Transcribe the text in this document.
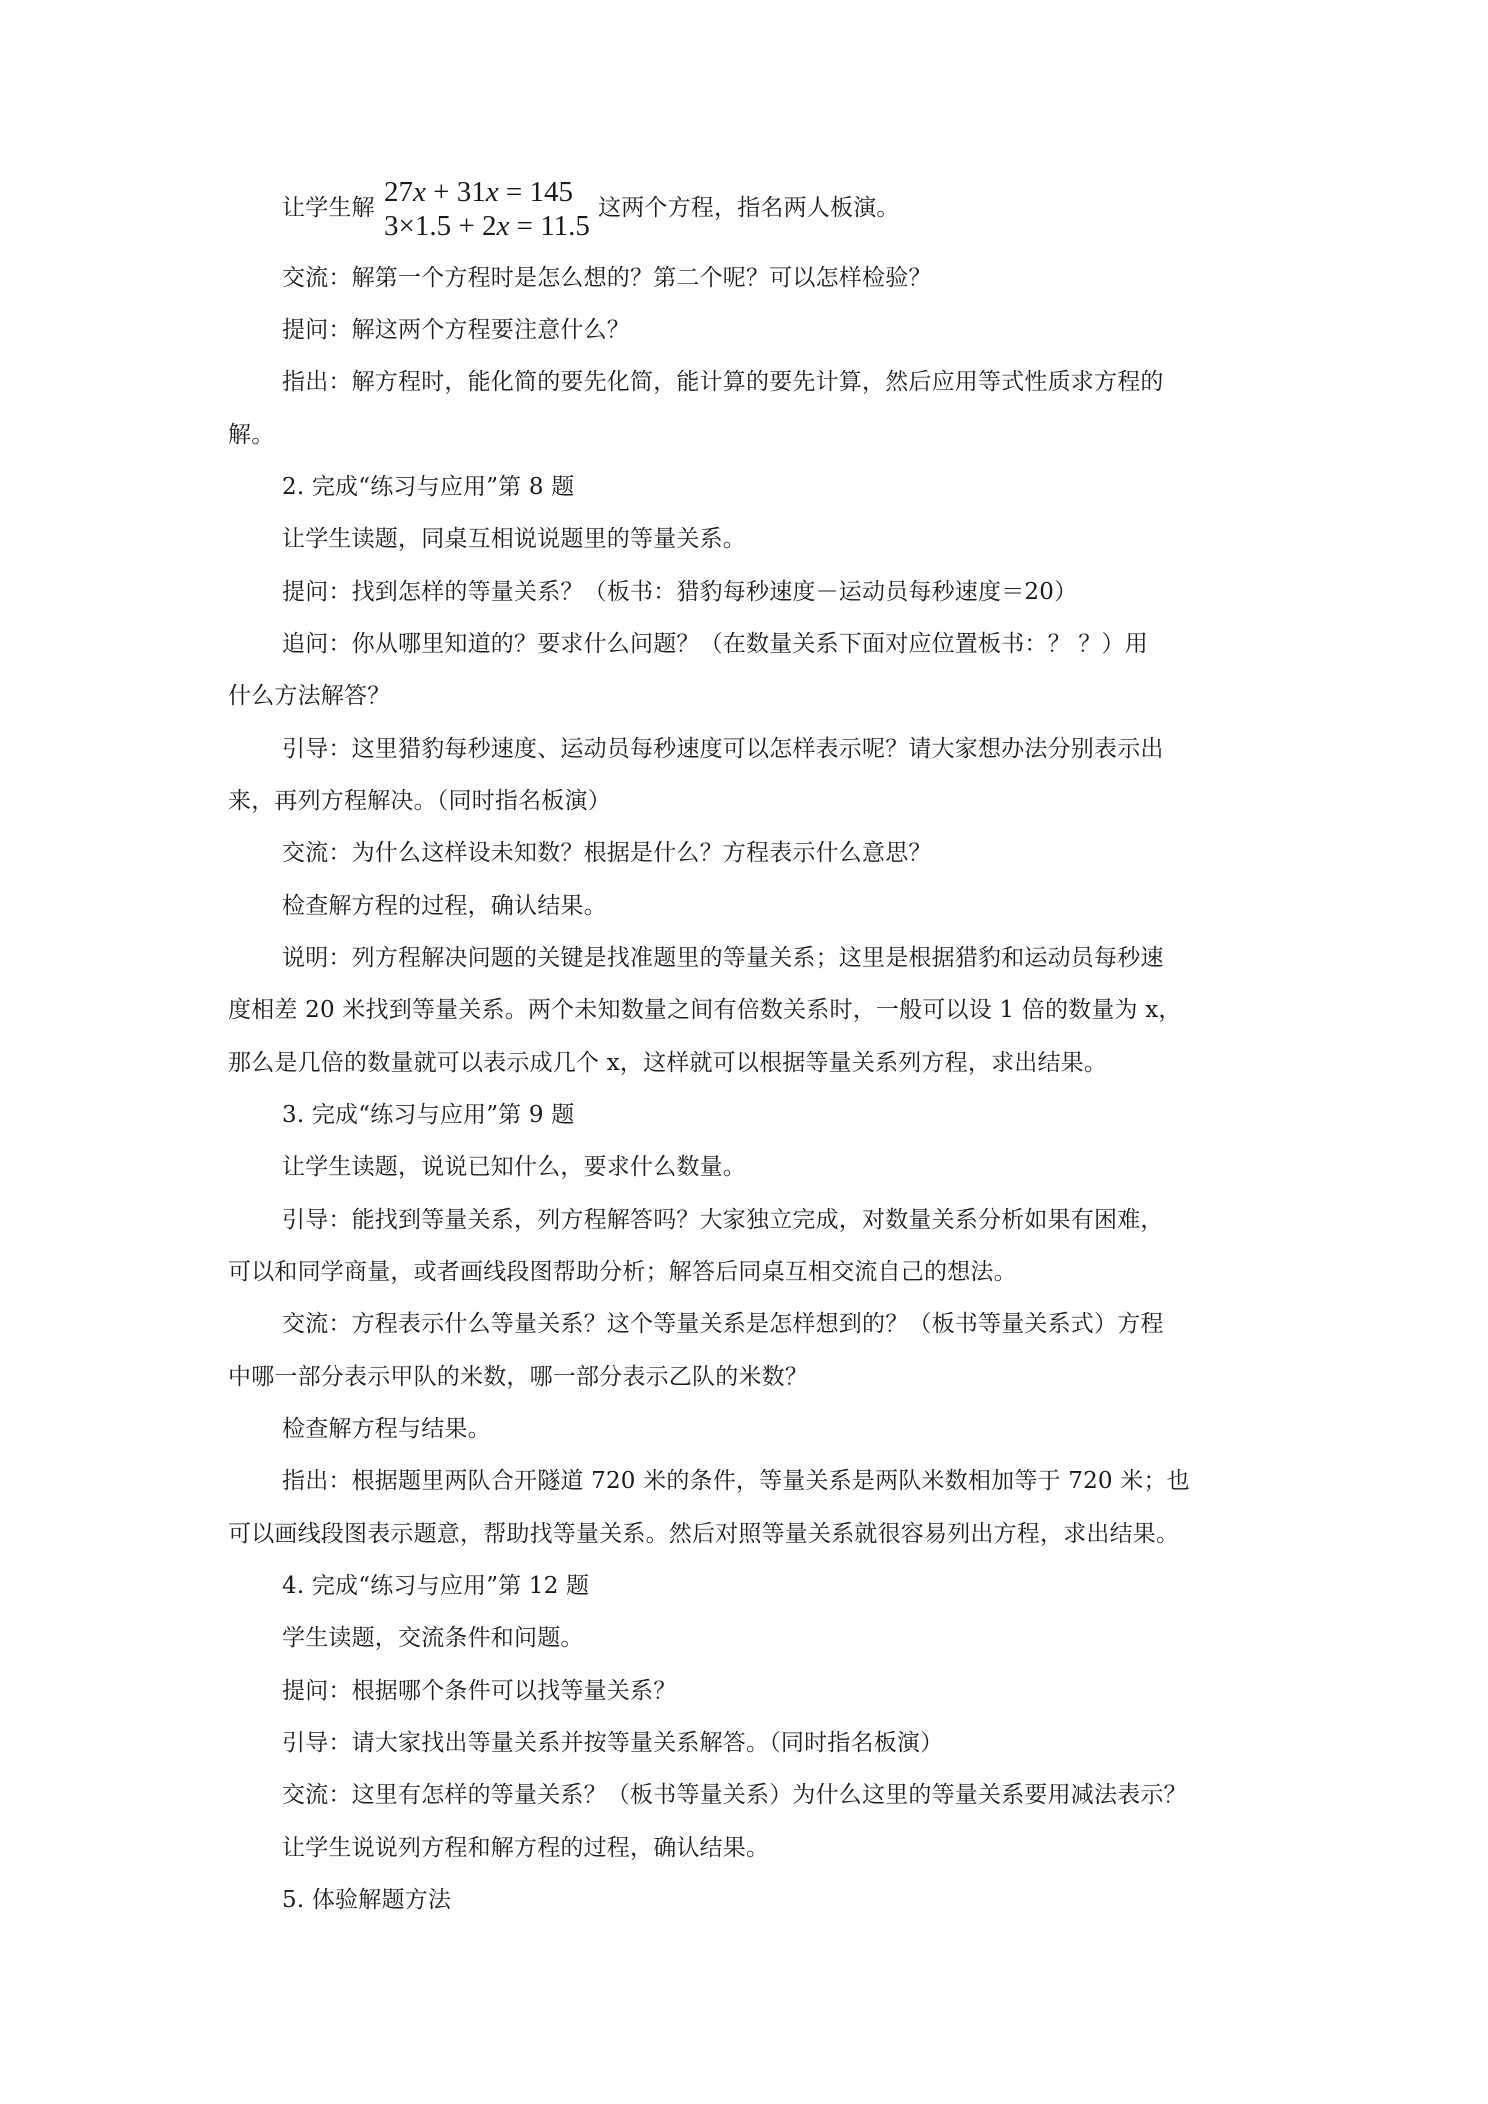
让学生解 27x + 31x = 145
3×1.5 + 2x = 11.5
这两个方程，指名两人板演。
交流：解第一个方程时是怎么想的？第二个呢？可以怎样检验？
提问：解这两个方程要注意什么？
指出：解方程时，能化简的要先化简，能计算的要先计算，然后应用等式性质求方程的
解。
2. 完成“练习与应用”第 8 题
让学生读题，同桌互相说说题里的等量关系。
提问：找到怎样的等量关系？（板书：猎豹每秒速度－运动员每秒速度＝20）
追问：你从哪里知道的？要求什么问题？（在数量关系下面对应位置板书：？ ？）用
什么方法解答？
引导：这里猎豹每秒速度、运动员每秒速度可以怎样表示呢？请大家想办法分别表示出
来，再列方程解决。（同时指名板演）
交流：为什么这样设未知数？根据是什么？方程表示什么意思？
检查解方程的过程，确认结果。
说明：列方程解决问题的关键是找准题里的等量关系；这里是根据猎豹和运动员每秒速
度相差 20 米找到等量关系。两个未知数量之间有倍数关系时，一般可以设 1 倍的数量为 x，
那么是几倍的数量就可以表示成几个 x，这样就可以根据等量关系列方程，求出结果。
3. 完成“练习与应用”第 9 题
让学生读题，说说已知什么，要求什么数量。
引导：能找到等量关系，列方程解答吗？大家独立完成，对数量关系分析如果有困难，
可以和同学商量，或者画线段图帮助分析；解答后同桌互相交流自己的想法。
交流：方程表示什么等量关系？这个等量关系是怎样想到的？（板书等量关系式）方程
中哪一部分表示甲队的米数，哪一部分表示乙队的米数？
检查解方程与结果。
指出：根据题里两队合开隧道 720 米的条件，等量关系是两队米数相加等于 720 米；也
可以画线段图表示题意，帮助找等量关系。然后对照等量关系就很容易列出方程，求出结果。
4. 完成“练习与应用”第 12 题
学生读题，交流条件和问题。
提问：根据哪个条件可以找等量关系？
引导：请大家找出等量关系并按等量关系解答。（同时指名板演）
交流：这里有怎样的等量关系？（板书等量关系）为什么这里的等量关系要用减法表示？
让学生说说列方程和解方程的过程，确认结果。
5. 体验解题方法
